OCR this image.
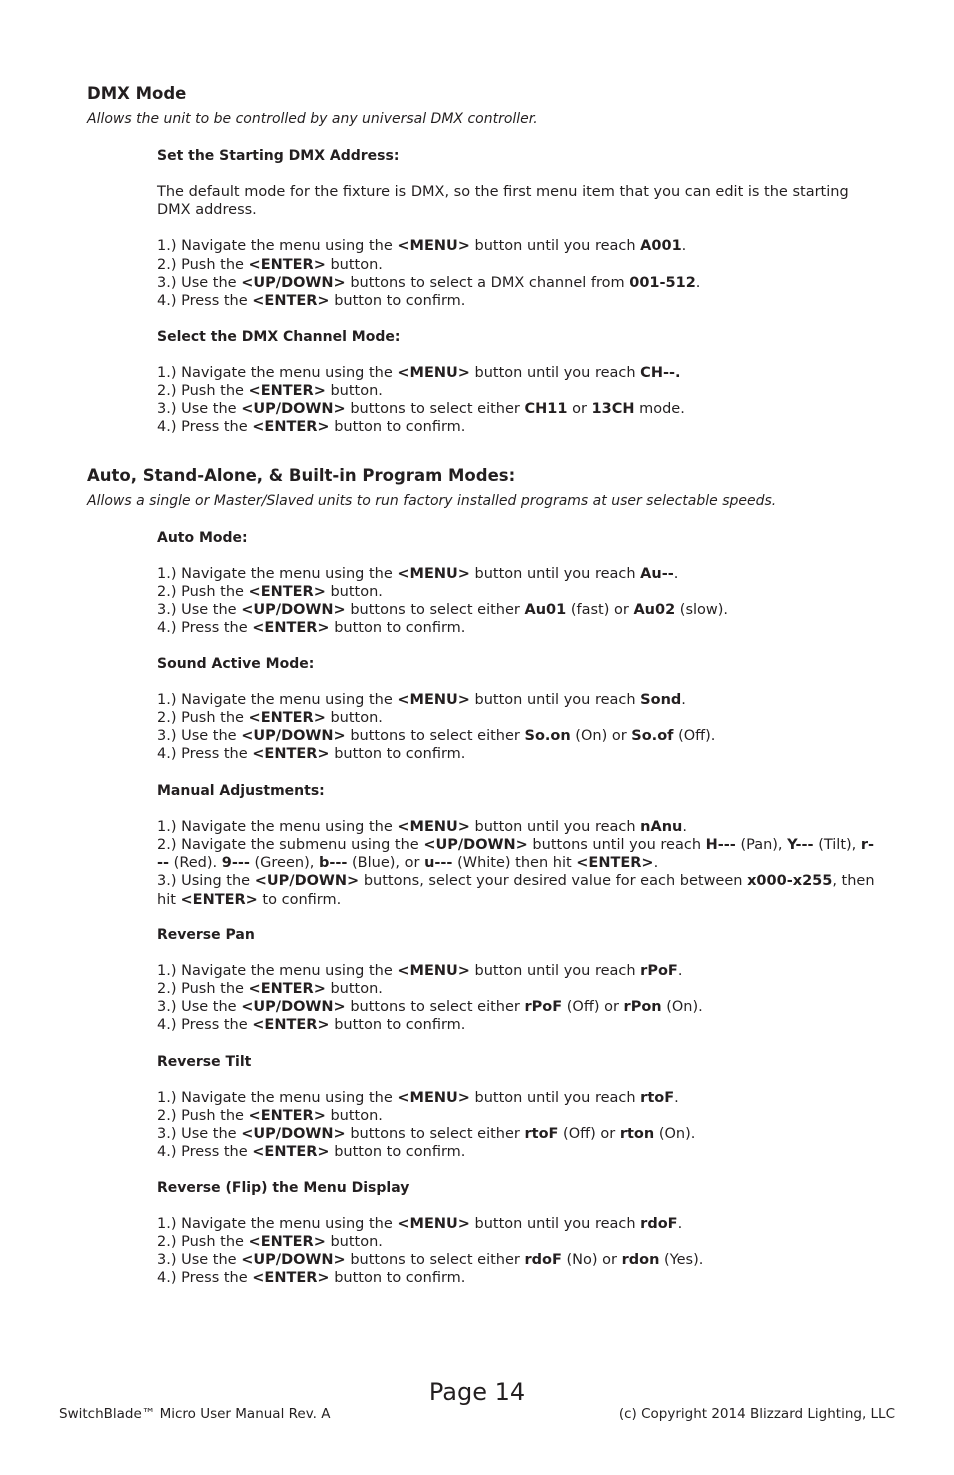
DMX Mode

Allows the unit to be controlled by any universal DMX controller.

Set the Starting DMX Address:

The default mode for the fixture is DMX, so the first menu item that you can edit is the starting DMX address.

1.) Navigate the menu using the <MENU> button until you reach A001.
2.) Push the <ENTER> button.
3.) Use the <UP/DOWN> buttons to select a DMX channel from 001-512.
4.) Press the <ENTER> button to confirm.
Select the DMX Channel Mode:
1.) Navigate the menu using the <MENU> button until you reach CH--.
2.) Push the <ENTER> button.
3.) Use the <UP/DOWN> buttons to select either CH11 or 13CH mode.
4.) Press the <ENTER> button to confirm.
Auto, Stand-Alone, & Built-in Program Modes:

Allows a single or Master/Slaved units to run factory installed programs at user selectable speeds.

Auto Mode:
1.) Navigate the menu using the <MENU> button until you reach Au--.
2.) Push the <ENTER> button.
3.) Use the <UP/DOWN> buttons to select either Au01 (fast) or Au02 (slow).
4.) Press the <ENTER> button to confirm.
Sound Active Mode:
1.) Navigate the menu using the <MENU> button until you reach Sond.
2.) Push the <ENTER> button.
3.) Use the <UP/DOWN> buttons to select either So.on (On) or So.of (Off).
4.) Press the <ENTER> button to confirm.
Manual Adjustments:
1.) Navigate the menu using the <MENU> button until you reach nAnu.
2.) Navigate the submenu using the <UP/DOWN> buttons until you reach H--- (Pan), Y--- (Tilt), r--- (Red). 9--- (Green), b--- (Blue), or u--- (White) then hit <ENTER>.
3.) Using the <UP/DOWN> buttons, select your desired value for each between x000-x255, then hit <ENTER> to confirm.
Reverse Pan
1.) Navigate the menu using the <MENU> button until you reach rPoF.
2.) Push the <ENTER> button.
3.) Use the <UP/DOWN> buttons to select either rPoF (Off) or rPon (On).
4.) Press the <ENTER> button to confirm.
Reverse Tilt
1.) Navigate the menu using the <MENU> button until you reach rtoF.
2.) Push the <ENTER> button.
3.) Use the <UP/DOWN> buttons to select either rtoF (Off) or rton (On).
4.) Press the <ENTER> button to confirm.
Reverse (Flip) the Menu Display
1.) Navigate the menu using the <MENU> button until you reach rdoF.
2.) Push the <ENTER> button.
3.) Use the <UP/DOWN> buttons to select either rdoF (No) or rdon (Yes).
4.) Press the <ENTER> button to confirm.
Page 14
SwitchBlade™ Micro User Manual Rev. A	(c) Copyright 2014 Blizzard Lighting, LLC
